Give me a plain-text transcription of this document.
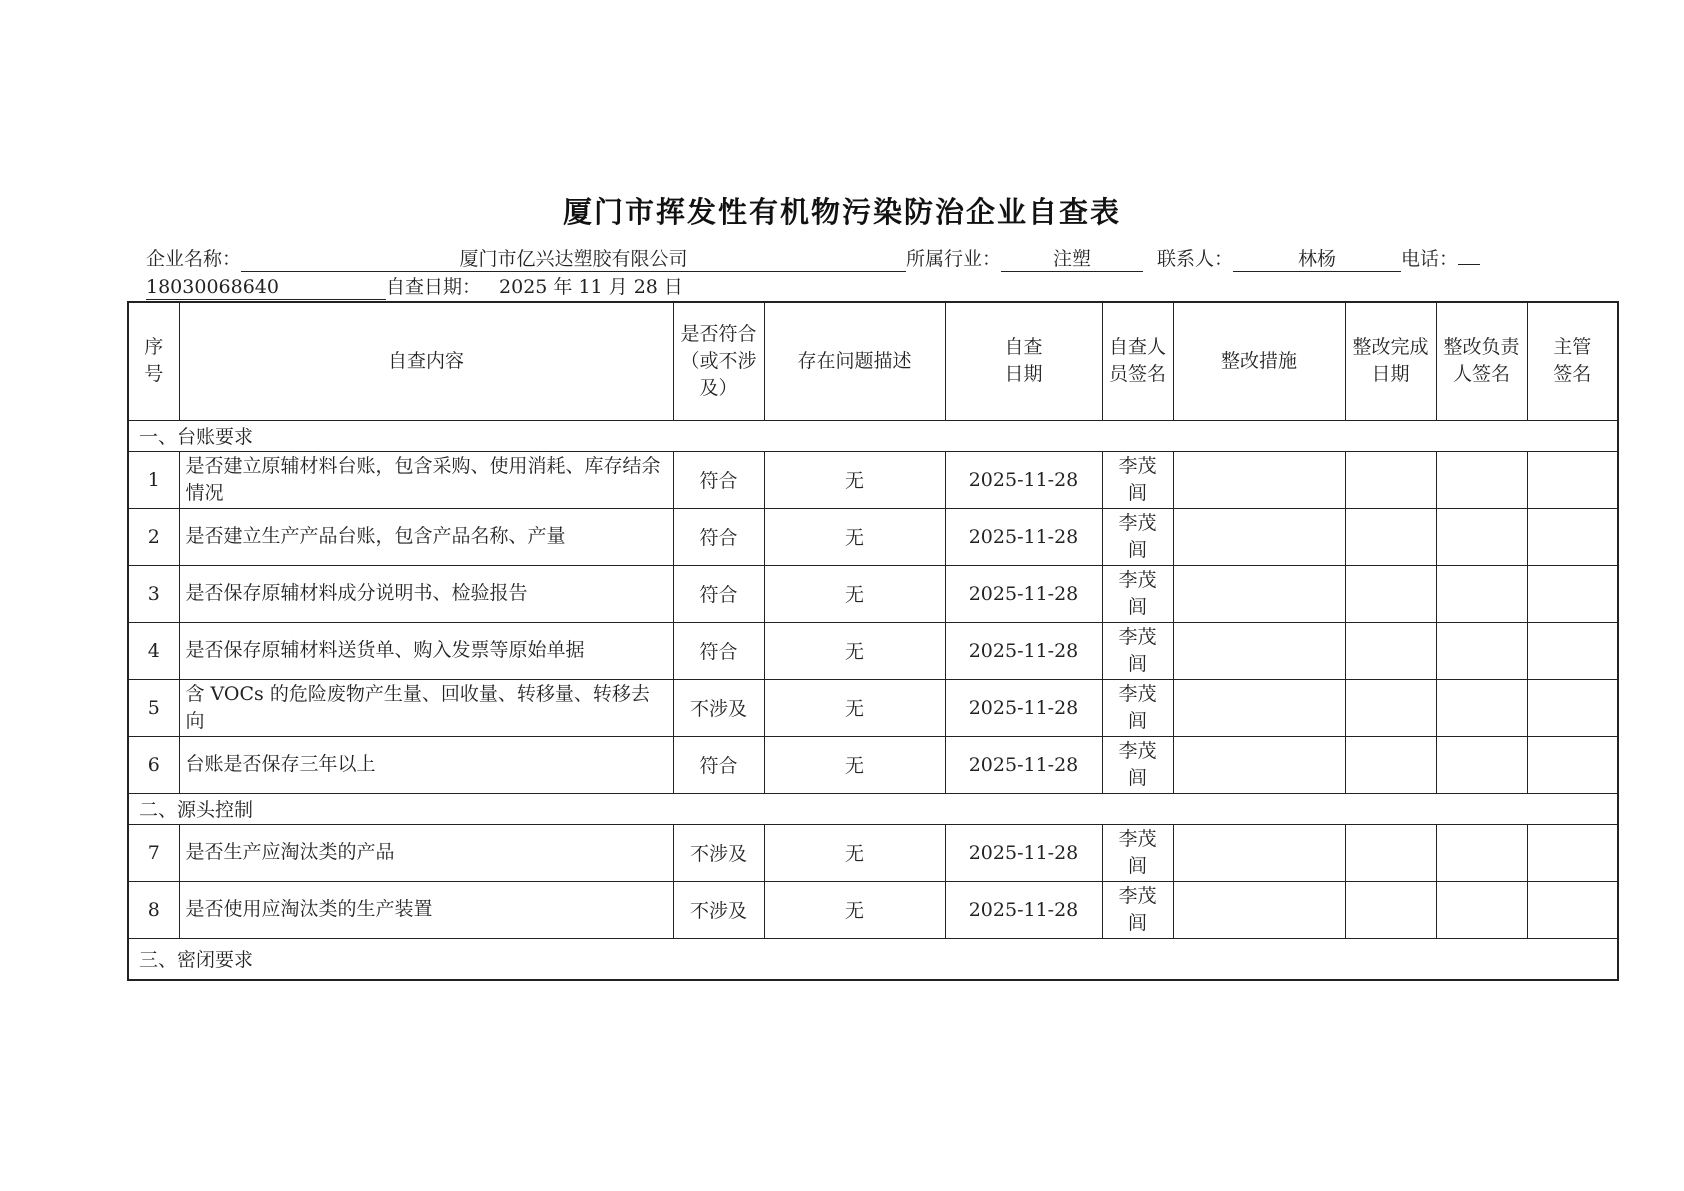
厦门市挥发性有机物污染防治企业自查表
企业名称：	厦门市亿兴达塑胶有限公司	所属行业：	注塑	联系人：	林杨	电话：
18030068640	自查日期： 2025 年 11 月 28 日
序号	自查内容	是否符合（或不涉及）	存在问题描述	自查日期	自查人员签名	整改措施	整改完成日期	整改负责人签名	主管签名
一、台账要求									
1	是否建立原辅材料台账，包含采购、使用消耗、库存结余情况	符合	无	2025-11-28	李茂闾				
2	是否建立生产产品台账，包含产品名称、产量	符合	无	2025-11-28	李茂闾				
3	是否保存原辅材料成分说明书、检验报告	符合	无	2025-11-28	李茂闾				
4	是否保存原辅材料送货单、购入发票等原始单据	符合	无	2025-11-28	李茂闾				
5	含 VOCs 的危险废物产生量、回收量、转移量、转移去向	不涉及	无	2025-11-28	李茂闾				
6	台账是否保存三年以上	符合	无	2025-11-28	李茂闾				
二、源头控制									
7	是否生产应淘汰类的产品	不涉及	无	2025-11-28	李茂闾				
8	是否使用应淘汰类的生产装置	不涉及	无	2025-11-28	李茂闾				
三、密闭要求									
